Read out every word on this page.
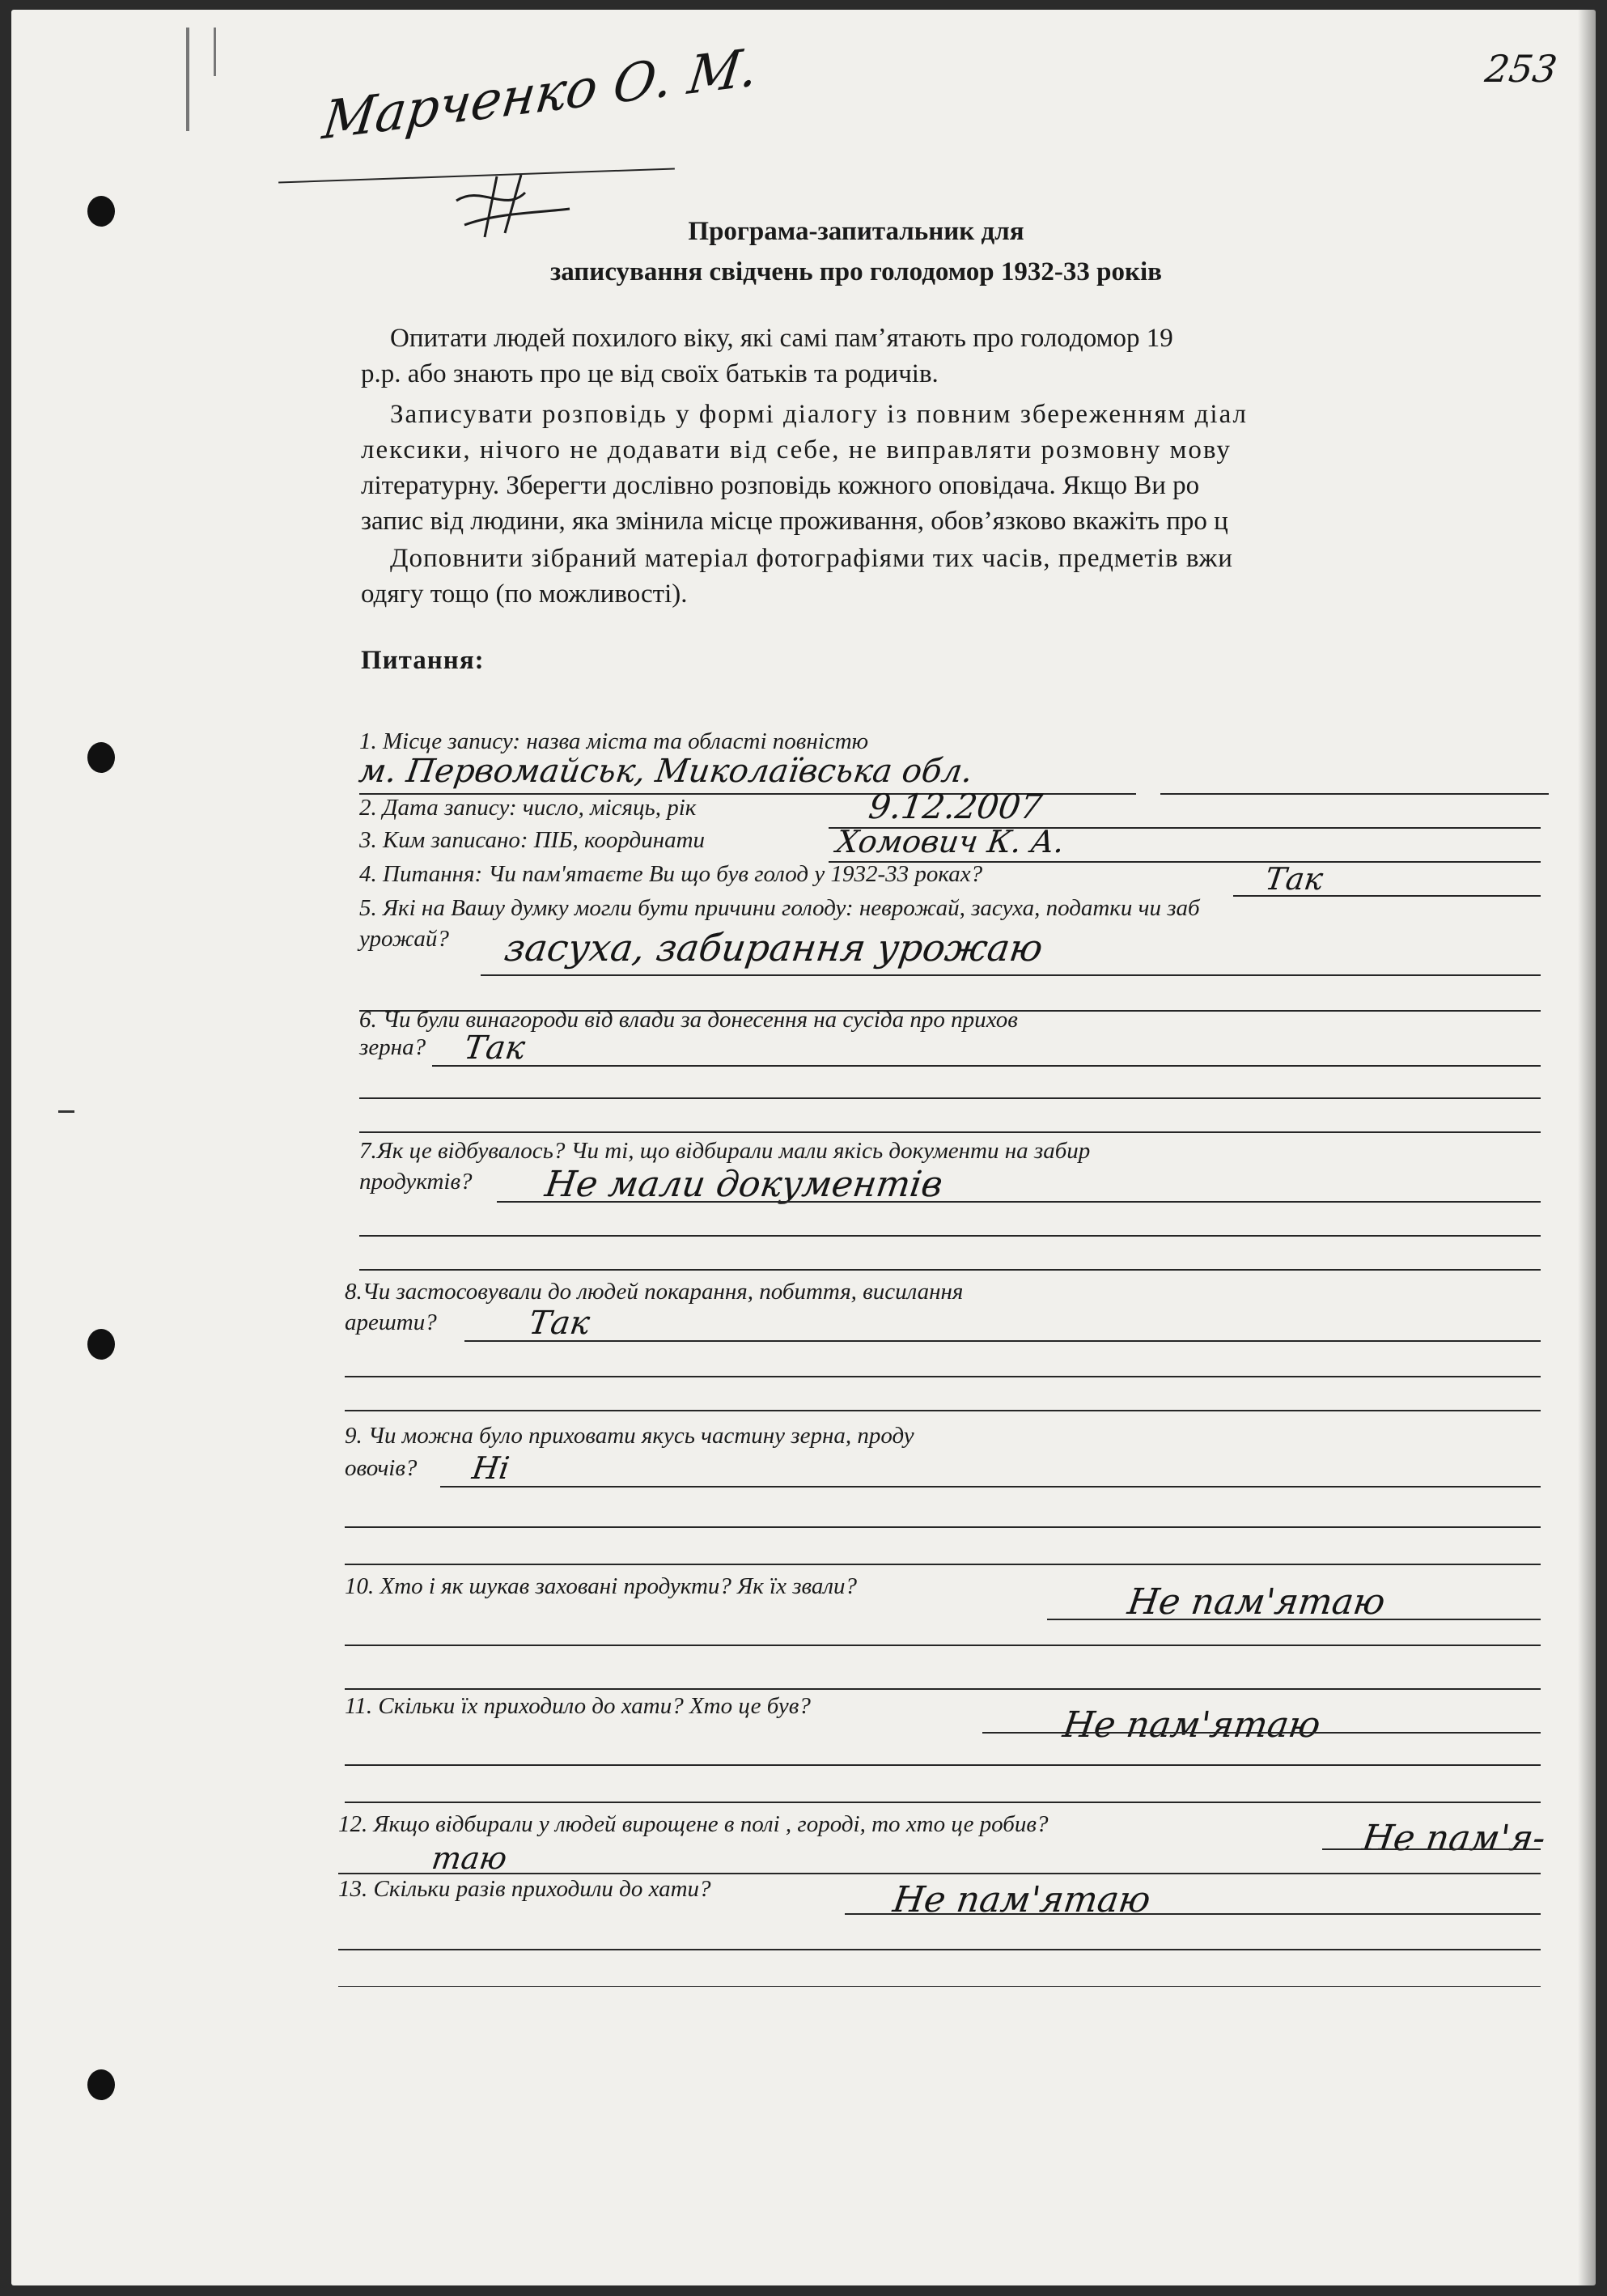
253
Марченко О. М.
Програма-запитальник для
записування свідчень про голодомор 1932-33 років
Опитати людей похилого віку, які самі памʼятають про голодомор 19
р.р. або знають про це від своїх батьків та родичів.
Записувати розповідь у формі діалогу із повним збереженням діал
лексики, нічого не додавати від себе, не виправляти розмовну мову
літературну. Зберегти дослівно розповідь кожного оповідача. Якщо Ви ро
запис від людини, яка змінила місце проживання, обов’язково вкажіть про ц
Доповнити зібраний матеріал фотографіями тих часів, предметів вжи
одягу тощо (по можливості).
Питання:
1. Місце запису: назва міста та області повністю
м. Первомайськ, Миколаївська обл.
2. Дата запису: число, місяць, рік	9.12.2007
3. Ким записано: ПІБ, координати	Хомович К. А.
4. Питання: Чи пам'ятаєте Ви що був голод у 1932-33 роках?	Так
5. Які на Вашу думку могли бути причини голоду: неврожай, засуха, податки чи заб
урожай? засуха, забирання урожаю
6. Чи були винагороди від влади за донесення на сусіда про прихов
зерна? Так
7.Як це відбувалось? Чи ті, що відбирали мали якісь документи на забир
продуктів? Не мали документів
8.Чи застосовували до людей покарання, побиття, висилання
арешти?	Так
9. Чи можна було приховати якусь частину зерна, проду
овочів? Ні
10. Хто і як шукав заховані продукти? Як їх звали?	Не пам'ятаю
11. Скільки їх приходило до хати? Хто це був?	Не пам'ятаю
12. Якщо відбирали у людей вирощене в полі , городі, то хто це робив?	Не пам'я-
таю
13. Скільки разів приходили до хати?	Не пам'ятаю
